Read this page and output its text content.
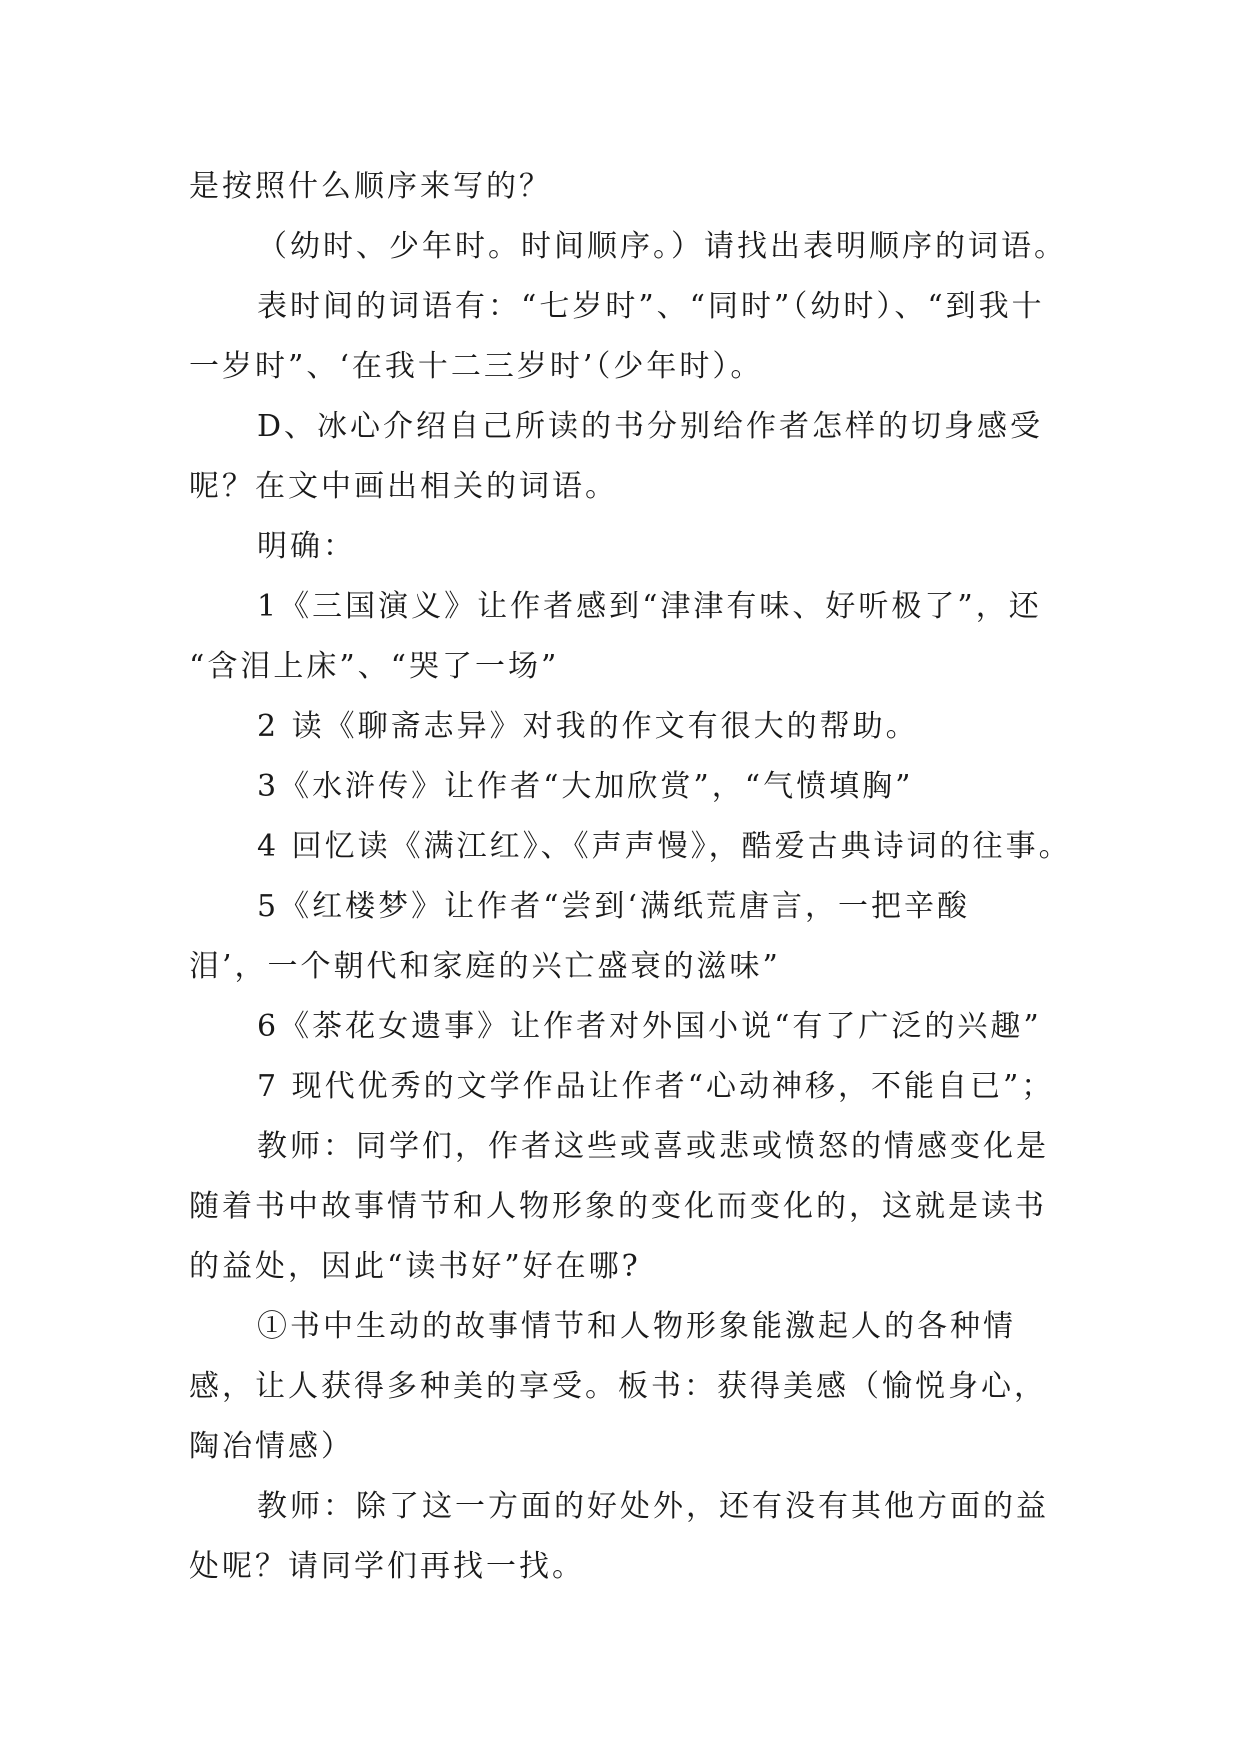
是按照什么顺序来写的？
（幼时、少年时。时间顺序。）请找出表明顺序的词语。
表时间的词语有：“七岁时”、“同时”（幼时）、“到我十
一岁时”、‘在我十二三岁时’（少年时）。
D、冰心介绍自己所读的书分别给作者怎样的切身感受
呢？在文中画出相关的词语。
明确：
1《三国演义》让作者感到“津津有味、好听极了”，还
“含泪上床”、“哭了一场”
2 读《聊斋志异》对我的作文有很大的帮助。
3《水浒传》让作者“大加欣赏”，“气愤填胸”
4 回忆读《满江红》、《声声慢》，酷爱古典诗词的往事。
5《红楼梦》让作者“尝到‘满纸荒唐言，一把辛酸
泪’，一个朝代和家庭的兴亡盛衰的滋味”
6《茶花女遗事》让作者对外国小说“有了广泛的兴趣”
7 现代优秀的文学作品让作者“心动神移，不能自已”；
教师：同学们，作者这些或喜或悲或愤怒的情感变化是
随着书中故事情节和人物形象的变化而变化的，这就是读书
的益处，因此“读书好”好在哪?
①书中生动的故事情节和人物形象能激起人的各种情
感，让人获得多种美的享受。板书：获得美感（愉悦身心，
陶冶情感）
教师：除了这一方面的好处外，还有没有其他方面的益
处呢？请同学们再找一找。
